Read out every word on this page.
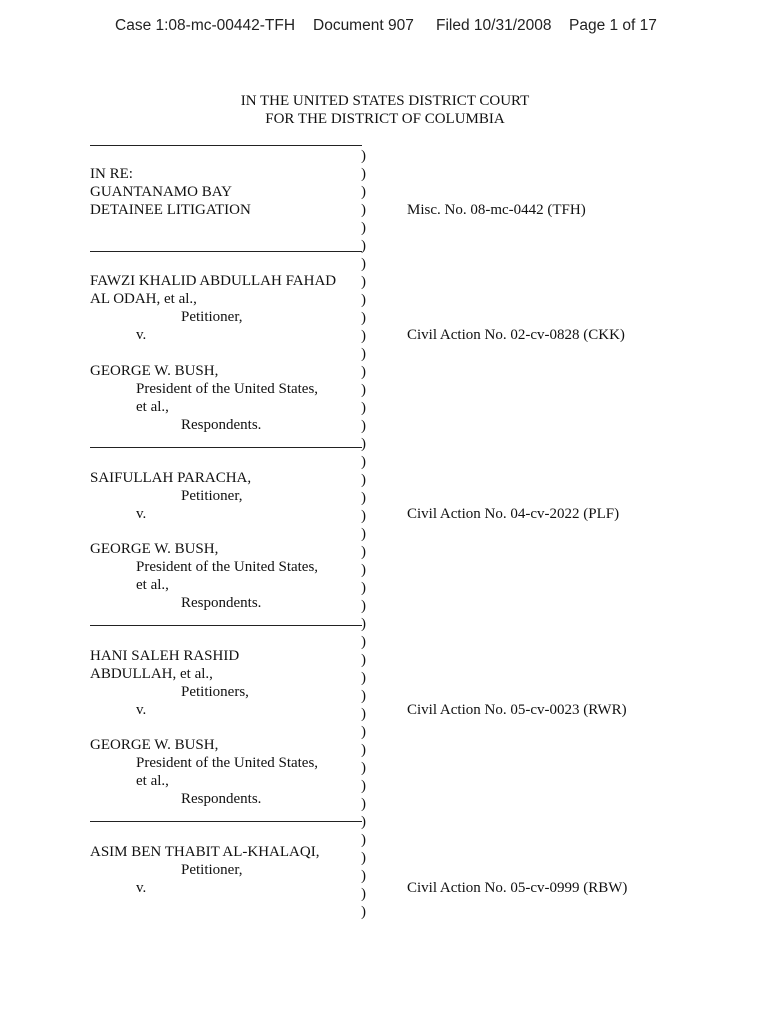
Case 1:08-mc-00442-TFH Document 907 Filed 10/31/2008 Page 1 of 17
IN THE UNITED STATES DISTRICT COURT
FOR THE DISTRICT OF COLUMBIA
)
)
)
)
)
)
)
)
)
)
)
)
)
)
)
)
)
)
)
)
)
)
)
)
)
)
)
)
)
)
)
)
)
)
)
)
)
)
)
)
)
)
)
IN RE:
GUANTANAMO BAY
DETAINEE LITIGATION	Misc. No. 08-mc-0442 (TFH)
FAWZI KHALID ABDULLAH FAHAD
AL ODAH, et al.,
Petitioner,
v.	Civil Action No. 02-cv-0828 (CKK)
GEORGE W. BUSH,
President of the United States,
et al.,
Respondents.
SAIFULLAH PARACHA,
Petitioner,
v.	Civil Action No. 04-cv-2022 (PLF)
GEORGE W. BUSH,
President of the United States,
et al.,
Respondents.
HANI SALEH RASHID
ABDULLAH, et al.,
Petitioners,
v.	Civil Action No. 05-cv-0023 (RWR)
GEORGE W. BUSH,
President of the United States,
et al.,
Respondents.
ASIM BEN THABIT AL-KHALAQI,
Petitioner,
v.	Civil Action No. 05-cv-0999 (RBW)
